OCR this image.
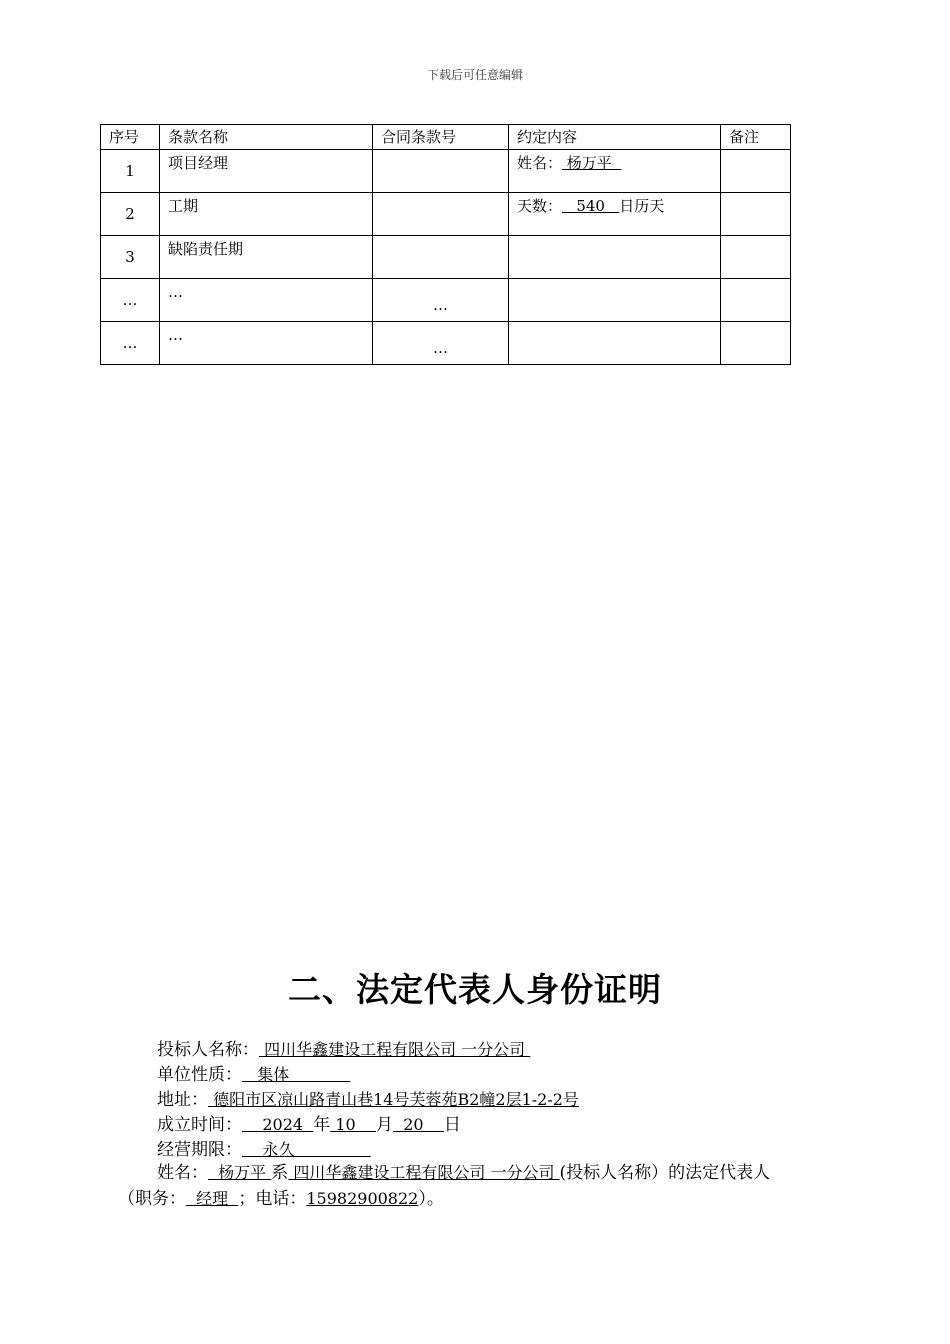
下载后可任意编辑
序号	条款名称	合同条款号	约定内容	备注
1	项目经理		姓名： 杨万平	
2	工期		天数：   540   日历天	
3	缺陷责任期			
…	…	…		
…	…	…		
二、法定代表人身份证明
投标人名称： 四川华鑫建设工程有限公司 一分公司
单位性质：   集体
地址： 德阳市区凉山路青山巷14号芙蓉苑B2幢2层1-2-2号
成立时间：    2024  年 10    月  20    日
经营期限：    永久
姓名：  杨万平 系 四川华鑫建设工程有限公司 一分公司 (投标人名称）的法定代表人
（职务：  经理  ；电话：15982900822）。
